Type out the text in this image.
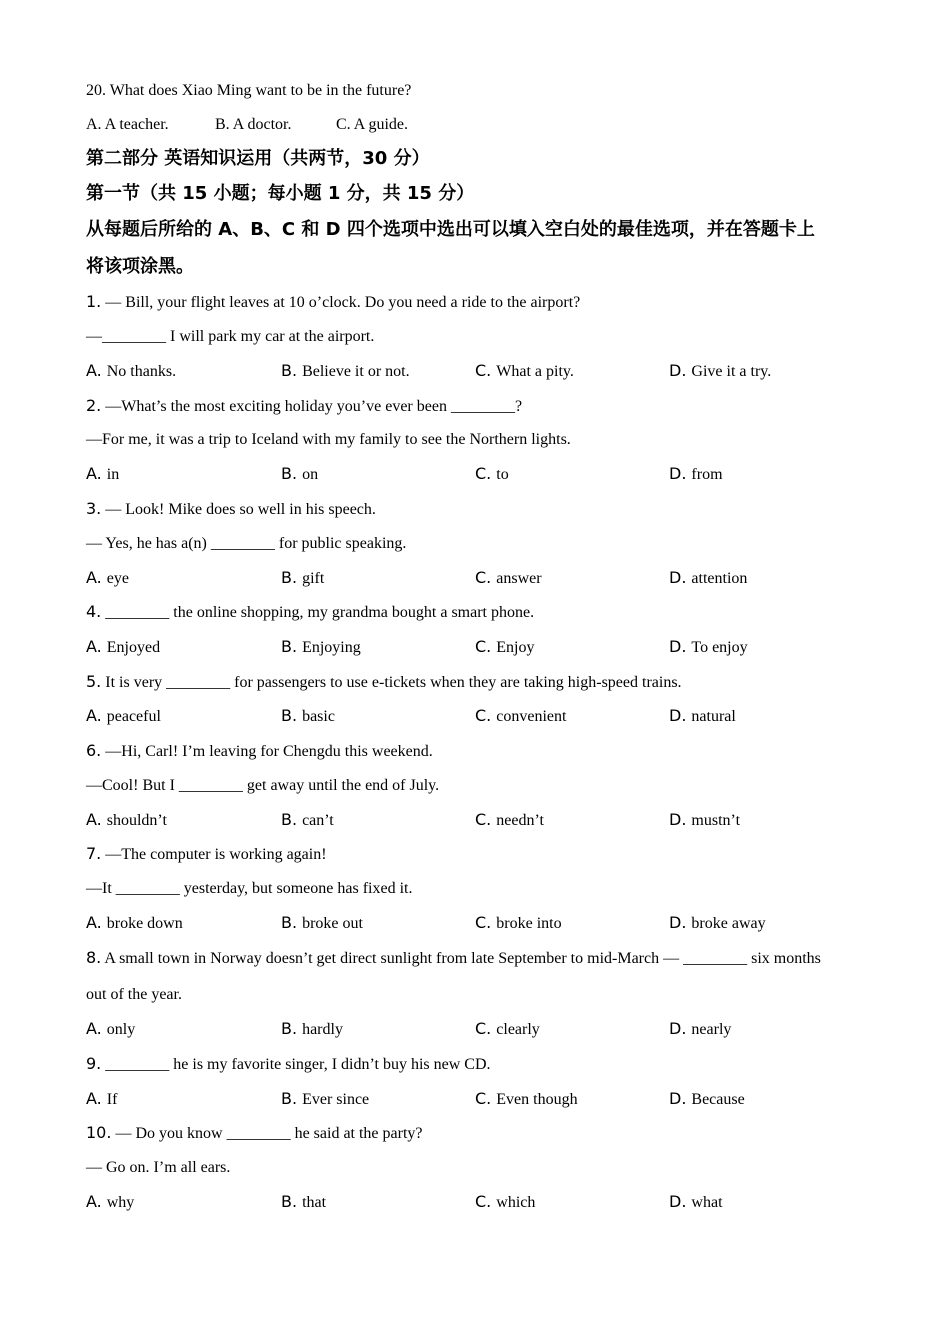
20. What does Xiao Ming want to be in the future?
A. A teacher.	B. A doctor.	C. A guide.
第二部分 英语知识运用（共两节，30 分）
第一节（共 15 小题；每小题 1 分，共 15 分）
从每题后所给的 A、B、C 和 D 四个选项中选出可以填入空白处的最佳选项，并在答题卡上
将该项涂黑。
1. — Bill, your flight leaves at 10 o’clock. Do you need a ride to the airport?
—________ I will park my car at the airport.
A. No thanks.	B. Believe it or not.	C. What a pity.	D. Give it a try.
2. —What’s the most exciting holiday you’ve ever been ________?
—For me, it was a trip to Iceland with my family to see the Northern lights.
A. in	B. on	C. to	D. from
3. — Look! Mike does so well in his speech.
— Yes, he has a(n) ________ for public speaking.
A. eye	B. gift	C. answer	D. attention
4. ________ the online shopping, my grandma bought a smart phone.
A. Enjoyed	B. Enjoying	C. Enjoy	D. To enjoy
5. It is very ________ for passengers to use e-tickets when they are taking high-speed trains.
A. peaceful	B. basic	C. convenient	D. natural
6. —Hi, Carl! I’m leaving for Chengdu this weekend.
—Cool! But I ________ get away until the end of July.
A. shouldn’t	B. can’t	C. needn’t	D. mustn’t
7. —The computer is working again!
—It ________ yesterday, but someone has fixed it.
A. broke down	B. broke out	C. broke into	D. broke away
8. A small town in Norway doesn’t get direct sunlight from late September to mid-March — ________ six months
out of the year.
A. only	B. hardly	C. clearly	D. nearly
9. ________ he is my favorite singer, I didn’t buy his new CD.
A. If	B. Ever since	C. Even though	D. Because
10. — Do you know ________ he said at the party?
— Go on. I’m all ears.
A. why	B. that	C. which	D. what
